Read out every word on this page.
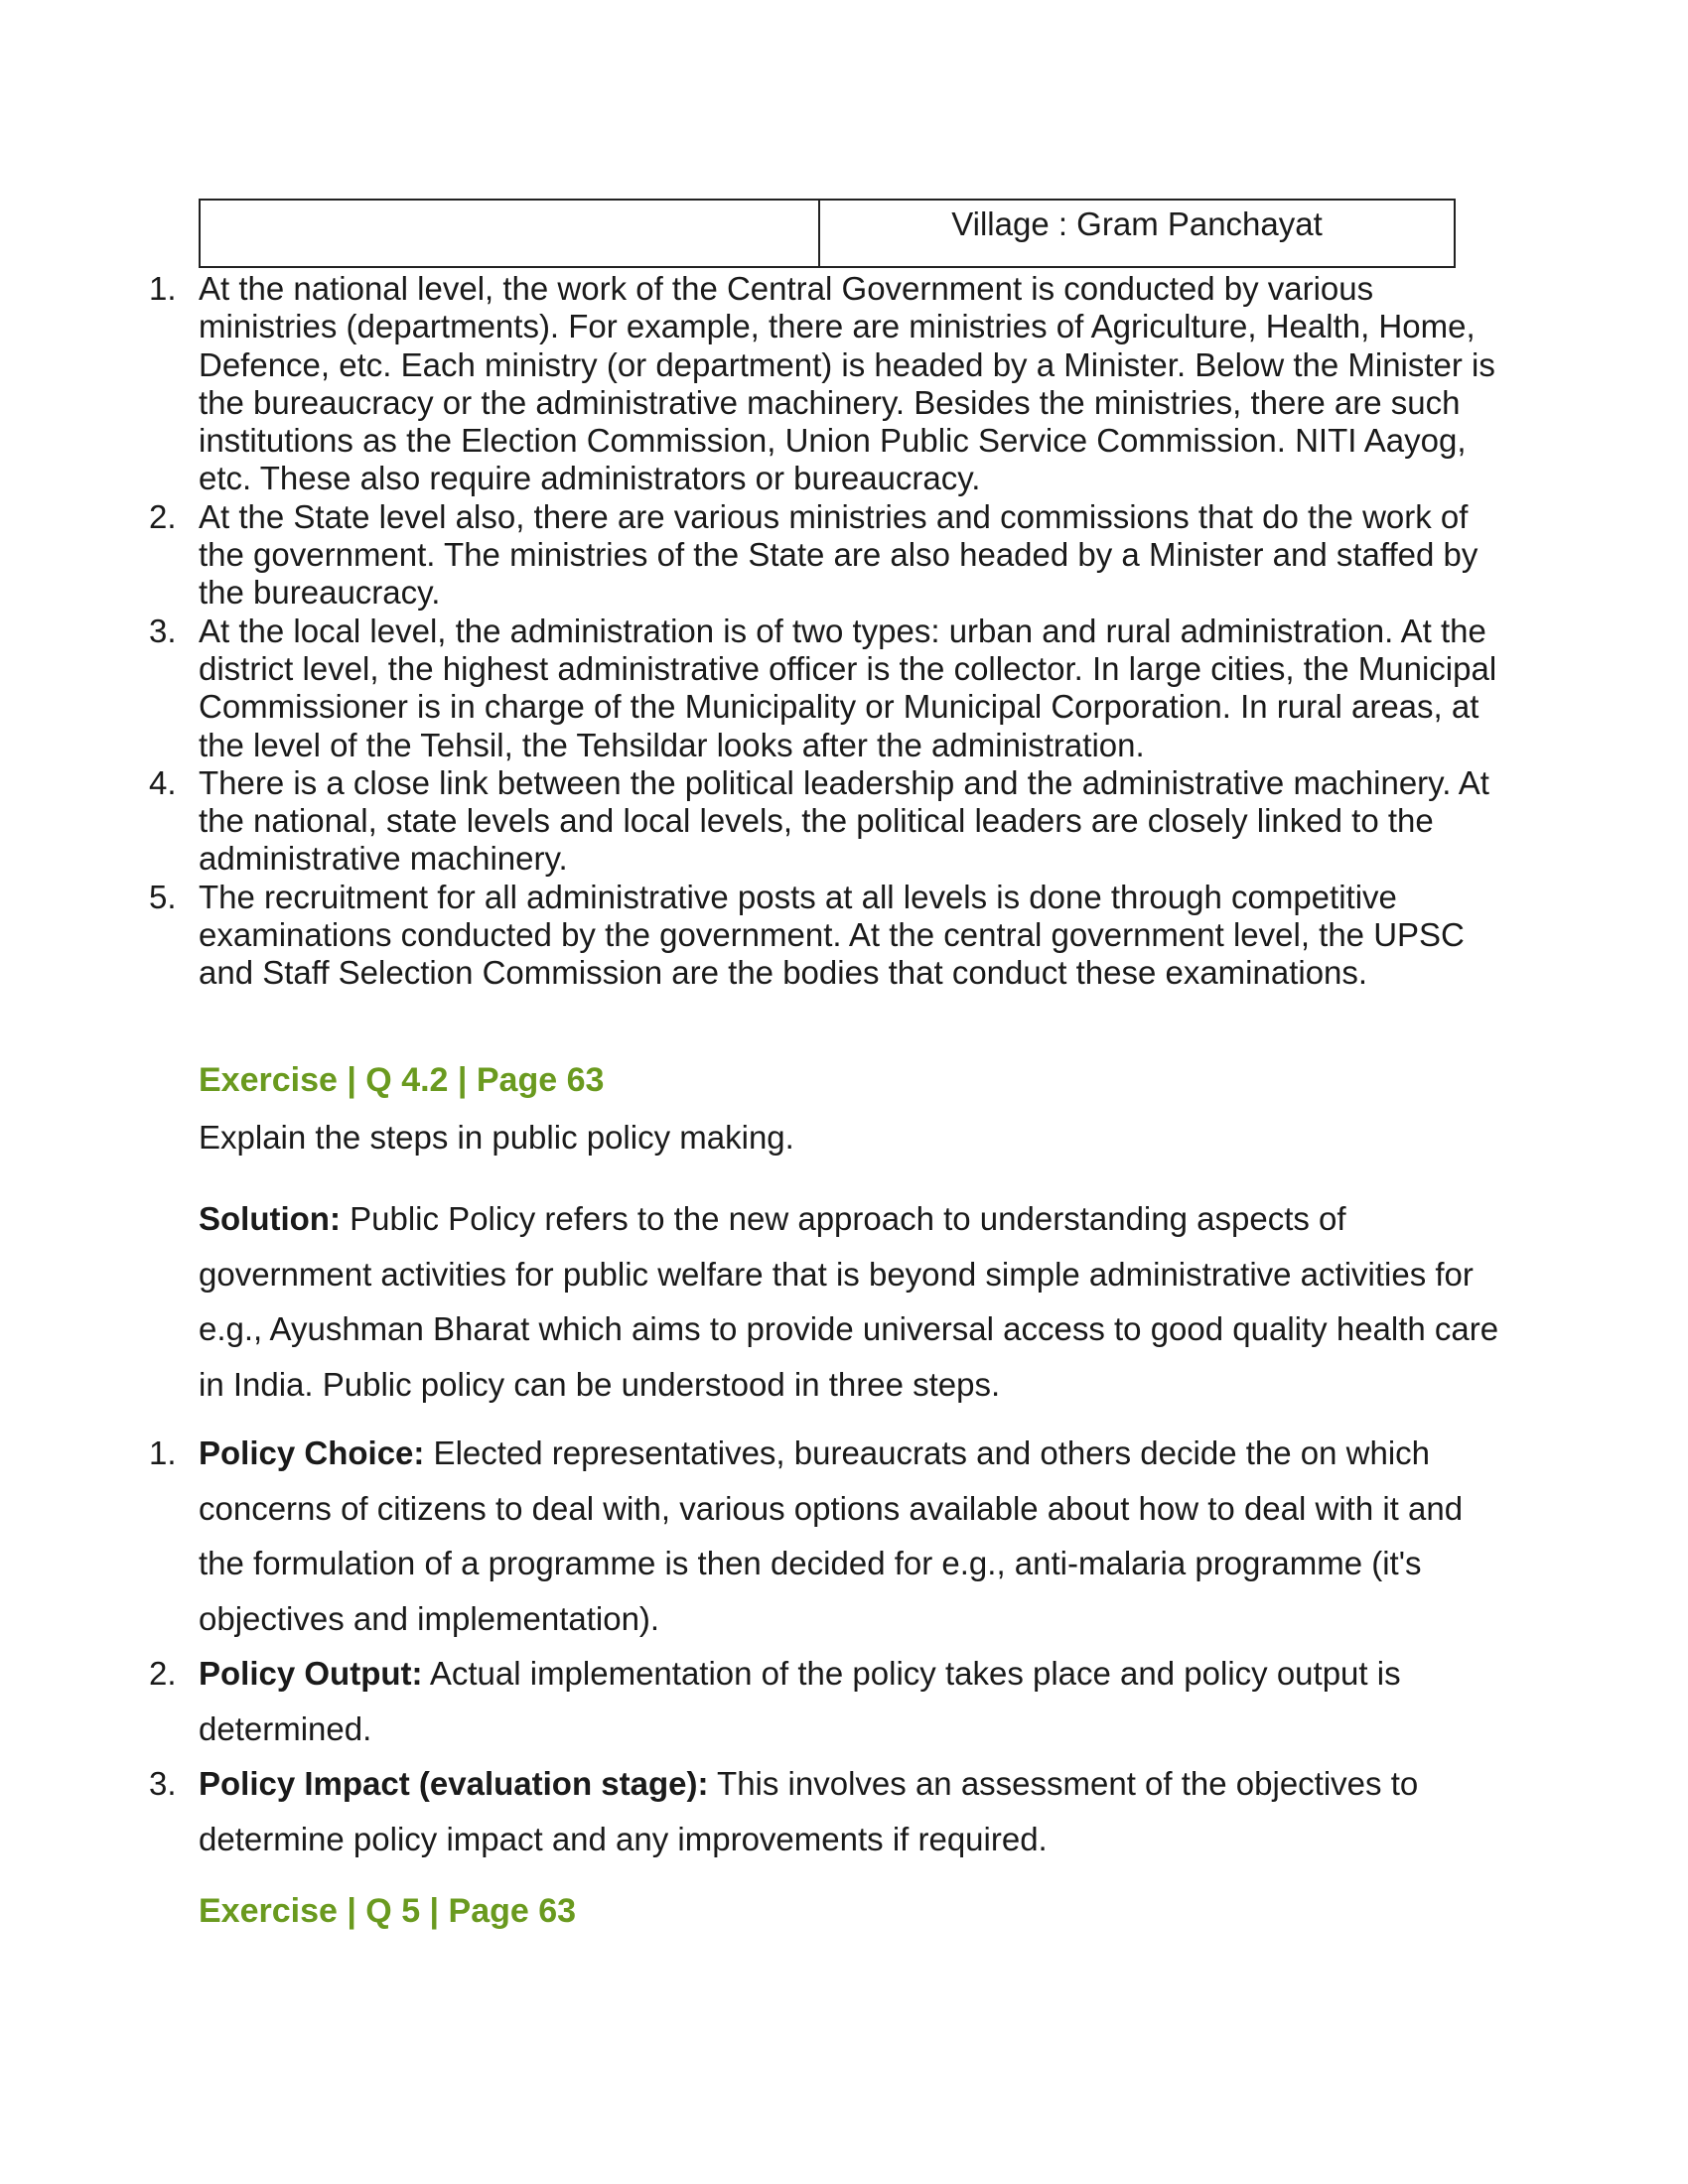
Village : Gram Panchayat
1. At the national level, the work of the Central Government is conducted by various ministries (departments). For example, there are ministries of Agriculture, Health, Home, Defence, etc. Each ministry (or department) is headed by a Minister. Below the Minister is the bureaucracy or the administrative machinery. Besides the ministries, there are such institutions as the Election Commission, Union Public Service Commission. NITI Aayog, etc. These also require administrators or bureaucracy.
2. At the State level also, there are various ministries and commissions that do the work of the government. The ministries of the State are also headed by a Minister and staffed by the bureaucracy.
3. At the local level, the administration is of two types: urban and rural administration. At the district level, the highest administrative officer is the collector. In large cities, the Municipal Commissioner is in charge of the Municipality or Municipal Corporation. In rural areas, at the level of the Tehsil, the Tehsildar looks after the administration.
4. There is a close link between the political leadership and the administrative machinery. At the national, state levels and local levels, the political leaders are closely linked to the administrative machinery.
5. The recruitment for all administrative posts at all levels is done through competitive examinations conducted by the government. At the central government level, the UPSC and Staff Selection Commission are the bodies that conduct these examinations.
Exercise | Q 4.2 | Page 63
Explain the steps in public policy making.
Solution: Public Policy refers to the new approach to understanding aspects of government activities for public welfare that is beyond simple administrative activities for e.g., Ayushman Bharat which aims to provide universal access to good quality health care in India. Public policy can be understood in three steps.
1. Policy Choice: Elected representatives, bureaucrats and others decide the on which concerns of citizens to deal with, various options available about how to deal with it and the formulation of a programme is then decided for e.g., anti-malaria programme (it's objectives and implementation).
2. Policy Output: Actual implementation of the policy takes place and policy output is determined.
3. Policy Impact (evaluation stage): This involves an assessment of the objectives to determine policy impact and any improvements if required.
Exercise | Q 5 | Page 63
